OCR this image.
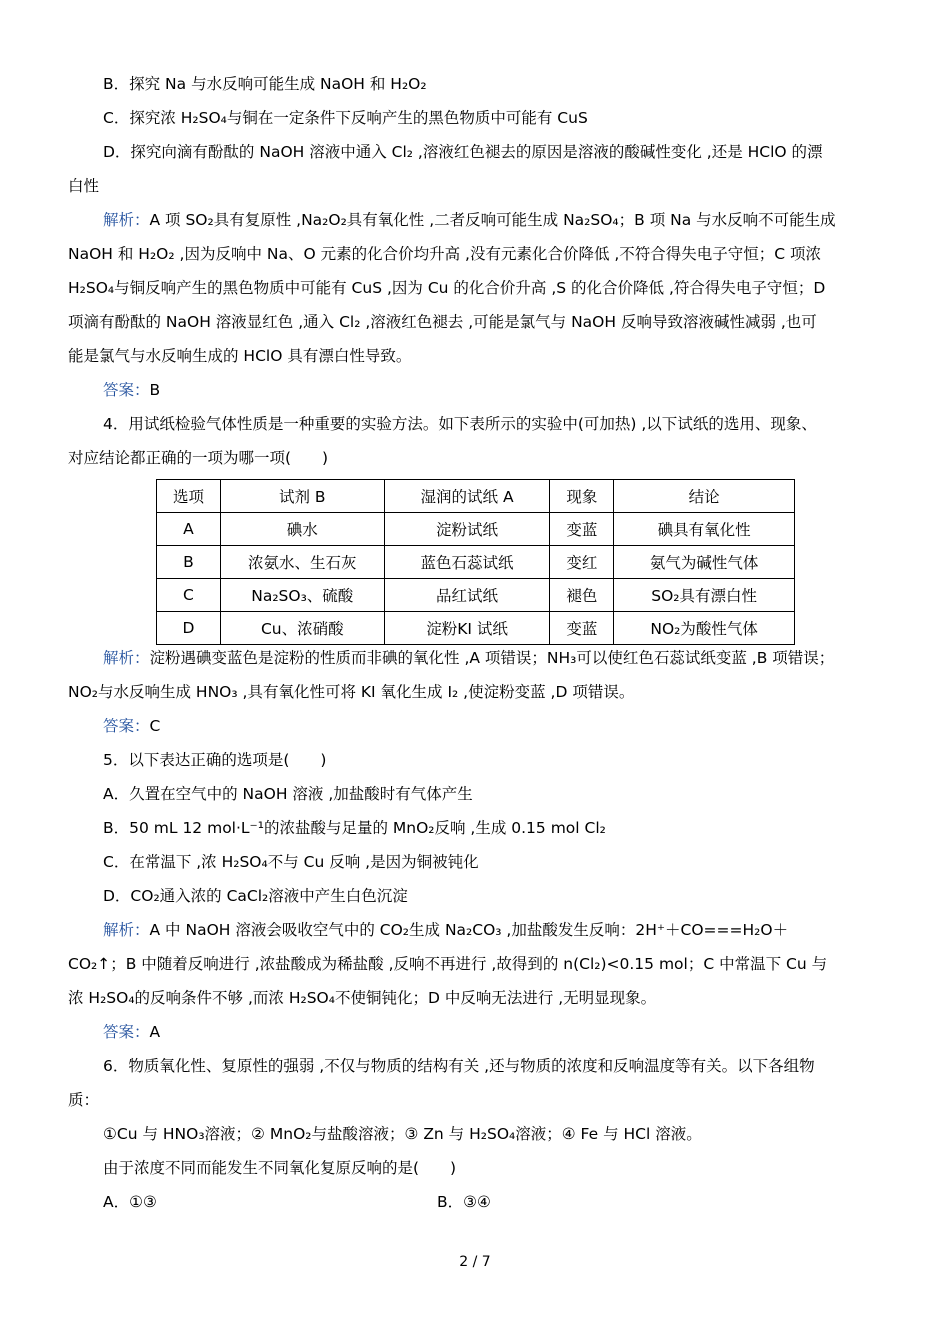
B．探究 Na 与水反响可能生成 NaOH 和 H₂O₂
C．探究浓 H₂SO₄与铜在一定条件下反响产生的黑色物质中可能有 CuS
D．探究向滴有酚酞的 NaOH 溶液中通入 Cl₂ ,溶液红色褪去的原因是溶液的酸碱性变化 ,还是 HClO 的漂
白性
解析：A 项 SO₂具有复原性 ,Na₂O₂具有氧化性 ,二者反响可能生成 Na₂SO₄；B 项 Na 与水反响不可能生成
NaOH 和 H₂O₂ ,因为反响中 Na、O 元素的化合价均升高 ,没有元素化合价降低 ,不符合得失电子守恒；C 项浓
H₂SO₄与铜反响产生的黑色物质中可能有 CuS ,因为 Cu 的化合价升高 ,S 的化合价降低 ,符合得失电子守恒；D
项滴有酚酞的 NaOH 溶液显红色 ,通入 Cl₂ ,溶液红色褪去 ,可能是氯气与 NaOH 反响导致溶液碱性减弱 ,也可
能是氯气与水反响生成的 HClO 具有漂白性导致。
答案：B
4．用试纸检验气体性质是一种重要的实验方法。如下表所示的实验中(可加热) ,以下试纸的选用、现象、
对应结论都正确的一项为哪一项(　　)
选项	试剂 B	湿润的试纸 A	现象	结论
A	碘水	淀粉试纸	变蓝	碘具有氧化性
B	浓氨水、生石灰	蓝色石蕊试纸	变红	氨气为碱性气体
C	Na₂SO₃、硫酸	品红试纸	褪色	SO₂具有漂白性
D	Cu、浓硝酸	淀粉KI 试纸	变蓝	NO₂为酸性气体
解析：淀粉遇碘变蓝色是淀粉的性质而非碘的氧化性 ,A 项错误；NH₃可以使红色石蕊试纸变蓝 ,B 项错误；
NO₂与水反响生成 HNO₃ ,具有氧化性可将 KI 氧化生成 I₂ ,使淀粉变蓝 ,D 项错误。
答案：C
5．以下表达正确的选项是(　　)
A．久置在空气中的 NaOH 溶液 ,加盐酸时有气体产生
B．50 mL 12 mol·L⁻¹的浓盐酸与足量的 MnO₂反响 ,生成 0.15 mol Cl₂
C．在常温下 ,浓 H₂SO₄不与 Cu 反响 ,是因为铜被钝化
D．CO₂通入浓的 CaCl₂溶液中产生白色沉淀
解析：A 中 NaOH 溶液会吸收空气中的 CO₂生成 Na₂CO₃ ,加盐酸发生反响：2H⁺＋CO===H₂O＋
CO₂↑；B 中随着反响进行 ,浓盐酸成为稀盐酸 ,反响不再进行 ,故得到的 n(Cl₂)<0.15 mol；C 中常温下 Cu 与
浓 H₂SO₄的反响条件不够 ,而浓 H₂SO₄不使铜钝化；D 中反响无法进行 ,无明显现象。
答案：A
6．物质氧化性、复原性的强弱 ,不仅与物质的结构有关 ,还与物质的浓度和反响温度等有关。以下各组物
质：
①Cu 与 HNO₃溶液；② MnO₂与盐酸溶液；③ Zn 与 H₂SO₄溶液；④ Fe 与 HCl 溶液。
由于浓度不同而能发生不同氧化复原反响的是(　　)
A．①③	B．③④
2 / 7
